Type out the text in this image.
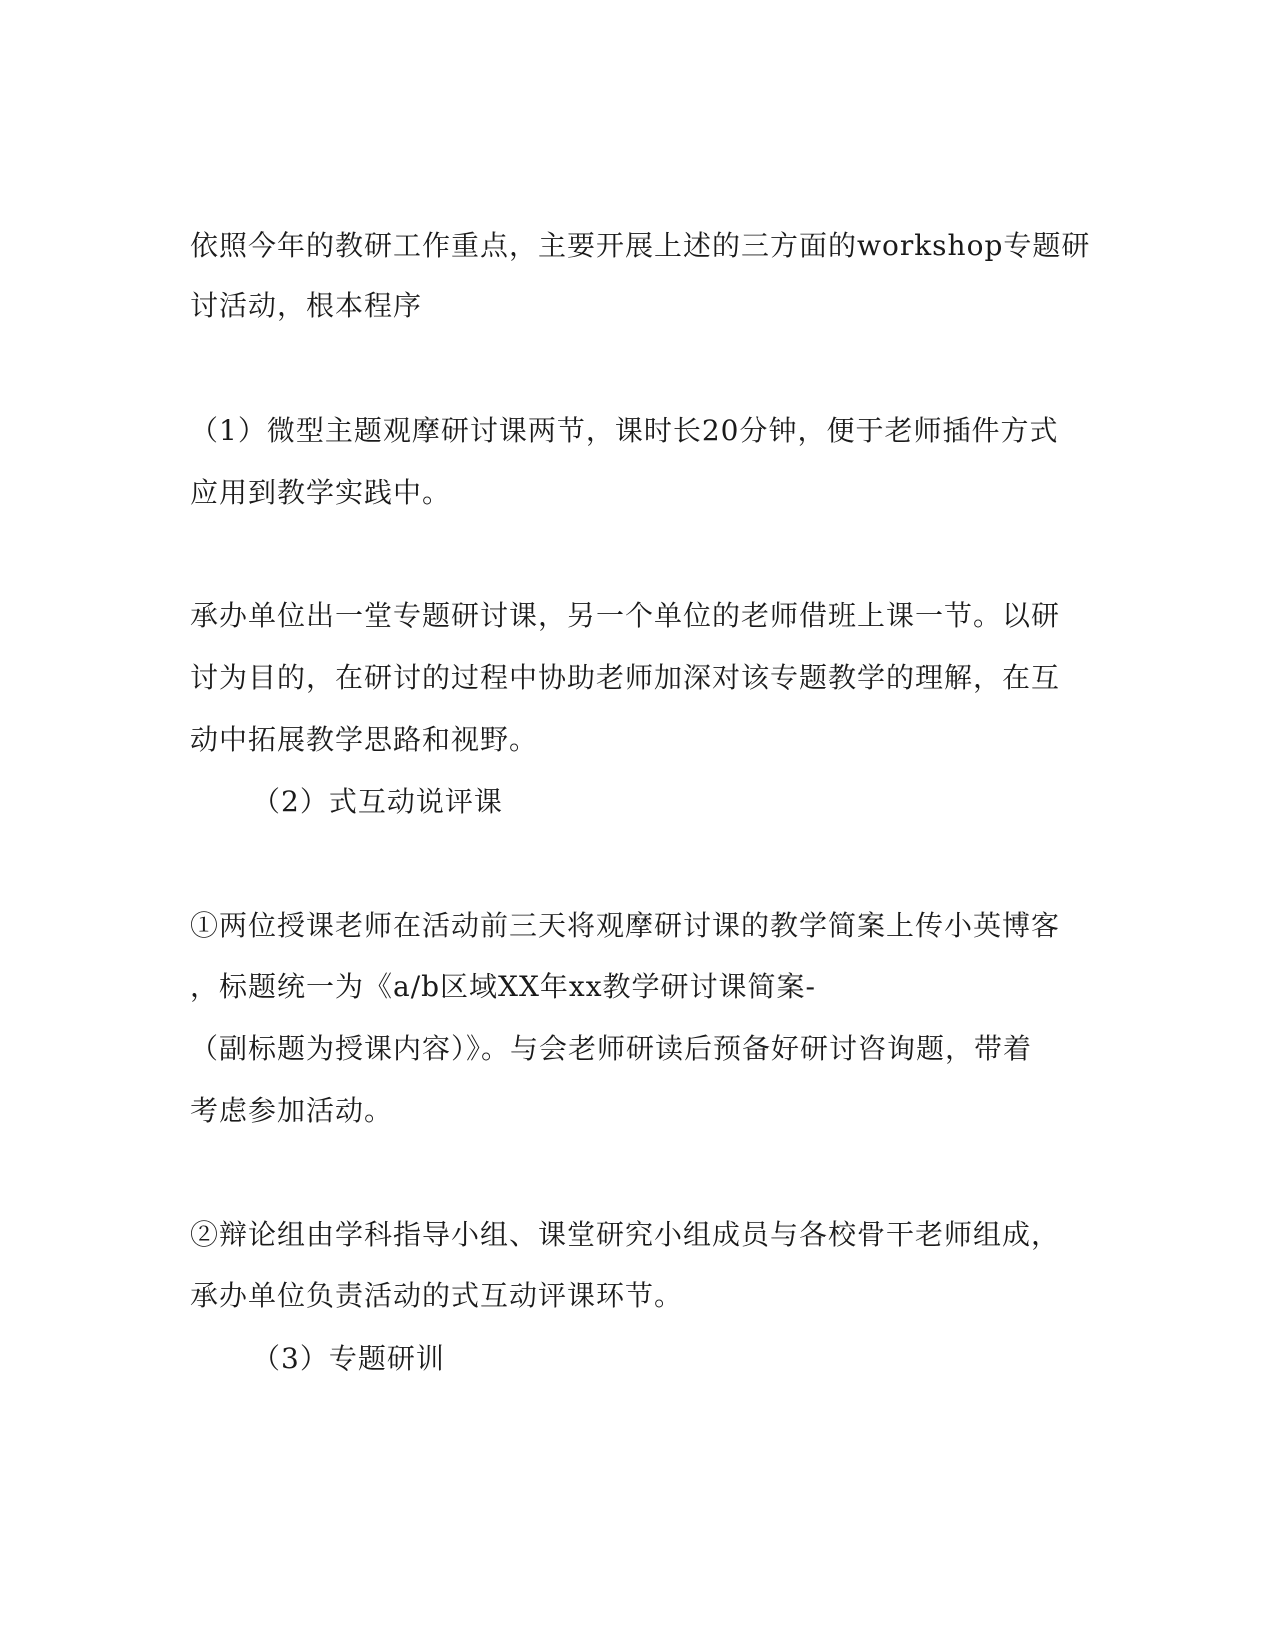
依照今年的教研工作重点，主要开展上述的三方面的workshop专题研
讨活动，根本程序
（1）微型主题观摩研讨课两节，课时长20分钟，便于老师插件方式
应用到教学实践中。
承办单位出一堂专题研讨课，另一个单位的老师借班上课一节。以研
讨为目的，在研讨的过程中协助老师加深对该专题教学的理解，在互
动中拓展教学思路和视野。
（2）式互动说评课
①两位授课老师在活动前三天将观摩研讨课的教学简案上传小英博客
，标题统一为《a/b区域XX年xx教学研讨课简案-
（副标题为授课内容）》。与会老师研读后预备好研讨咨询题，带着
考虑参加活动。
②辩论组由学科指导小组、课堂研究小组成员与各校骨干老师组成，
承办单位负责活动的式互动评课环节。
（3）专题研训
